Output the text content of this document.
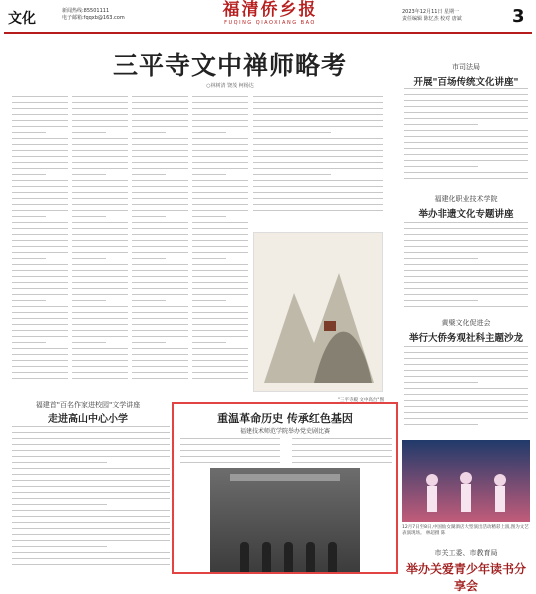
文化	新闻热线:85501111
电子邮箱:fqqxb@163.com	福清侨乡报
FUQING QIAOXIANG BAO
2023年12月11日 星期一
责任编辑 陈忆杰 校对 唐斌	3
三平寺文中禅师略考
○林树清 饶茂 柯杨达
"三平寺殿 文中高台"图
市司法局
开展"百场传统文化讲座"
福建化职业技术学院
举办非遗文化专题讲座
黄檗文化促进会
举行大侨务观社科主题沙龙
12月7日至8日,中国仙女湖酒店大型演出活动精彩上演,图为文艺表演现场。 林超摄 陈
市关工委、市教育局
举办关爱青少年读书分享会
福建首"百名作家进校园"文学讲座
走进高山中心小学	重温革命历史 传承红色基因
福建技术师范学院举办党史剧比赛
